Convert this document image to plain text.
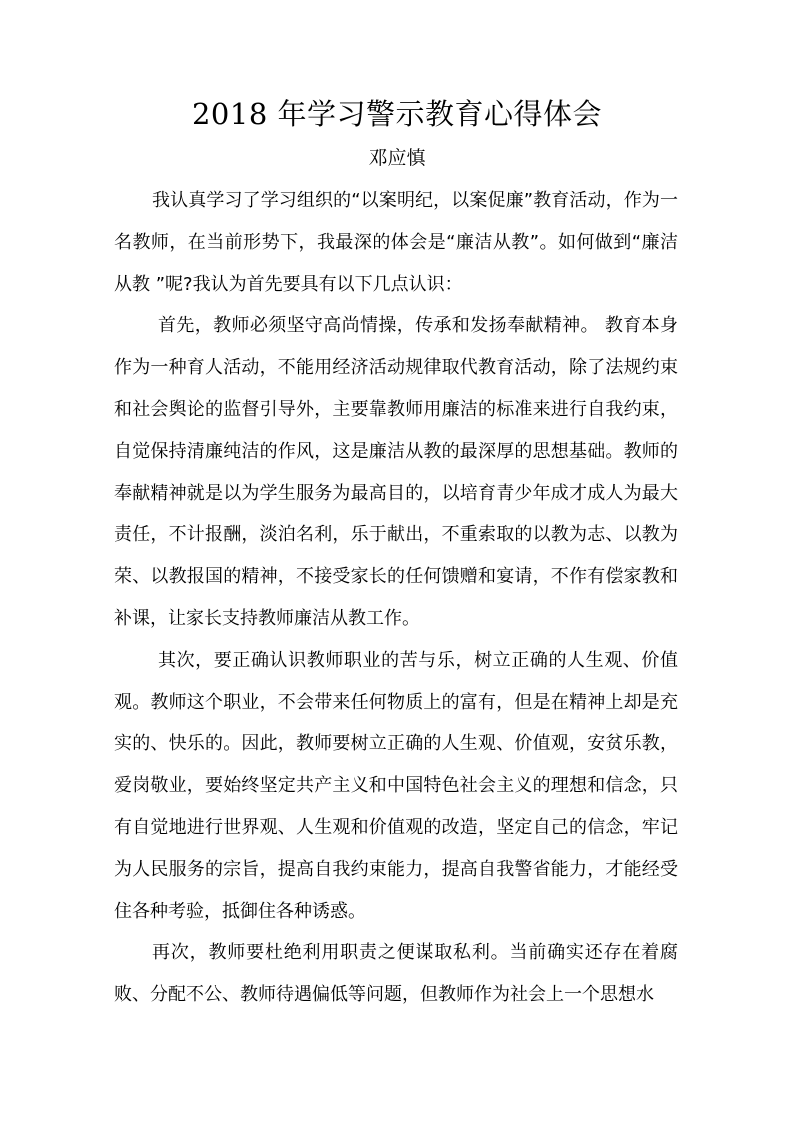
2018 年学习警示教育心得体会

邓应慎

我认真学习了学习组织的“以案明纪，以案促廉”教育活动，作为一名教师，在当前形势下，我最深的体会是“廉洁从教”。如何做到“廉洁从教 ”呢?我认为首先要具有以下几点认识：

首先，教师必须坚守高尚情操，传承和发扬奉献精神。 教育本身作为一种育人活动，不能用经济活动规律取代教育活动，除了法规约束和社会舆论的监督引导外，主要靠教师用廉洁的标准来进行自我约束，自觉保持清廉纯洁的作风，这是廉洁从教的最深厚的思想基础。教师的奉献精神就是以为学生服务为最高目的，以培育青少年成才成人为最大责任，不计报酬，淡泊名利，乐于献出，不重索取的以教为志、以教为荣、以教报国的精神，不接受家长的任何馈赠和宴请，不作有偿家教和补课，让家长支持教师廉洁从教工作。

其次，要正确认识教师职业的苦与乐，树立正确的人生观、价值观。教师这个职业，不会带来任何物质上的富有，但是在精神上却是充实的、快乐的。因此，教师要树立正确的人生观、价值观，安贫乐教，爱岗敬业，要始终坚定共产主义和中国特色社会主义的理想和信念，只有自觉地进行世界观、人生观和价值观的改造，坚定自己的信念，牢记为人民服务的宗旨，提高自我约束能力，提高自我警省能力，才能经受住各种考验，抵御住各种诱惑。

再次，教师要杜绝利用职责之便谋取私利。当前确实还存在着腐败、分配不公、教师待遇偏低等问题，但教师作为社会上一个思想水
